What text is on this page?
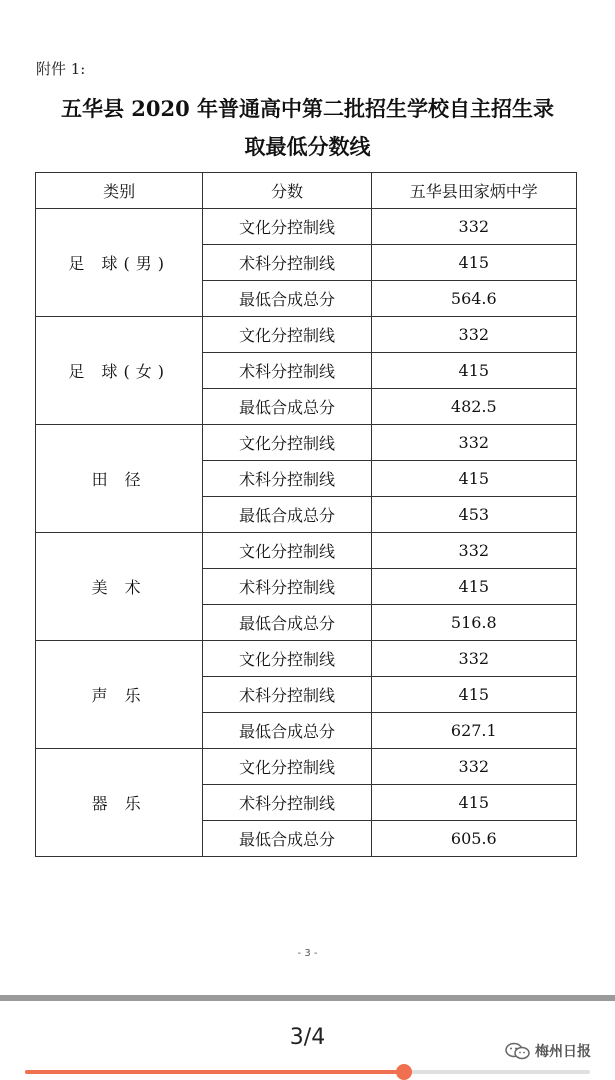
附件 1:
五华县 2020 年普通高中第二批招生学校自主招生录
取最低分数线
类别	分数	五华县田家炳中学
足 球(男)	文化分控制线	332
	术科分控制线	415
	最低合成总分	564.6
足 球(女)	文化分控制线	332
	术科分控制线	415
	最低合成总分	482.5
田 径	文化分控制线	332
	术科分控制线	415
	最低合成总分	453
美 术	文化分控制线	332
	术科分控制线	415
	最低合成总分	516.8
声 乐	文化分控制线	332
	术科分控制线	415
	最低合成总分	627.1
器 乐	文化分控制线	332
	术科分控制线	415
	最低合成总分	605.6
- 3 -
3/4
梅州日报
